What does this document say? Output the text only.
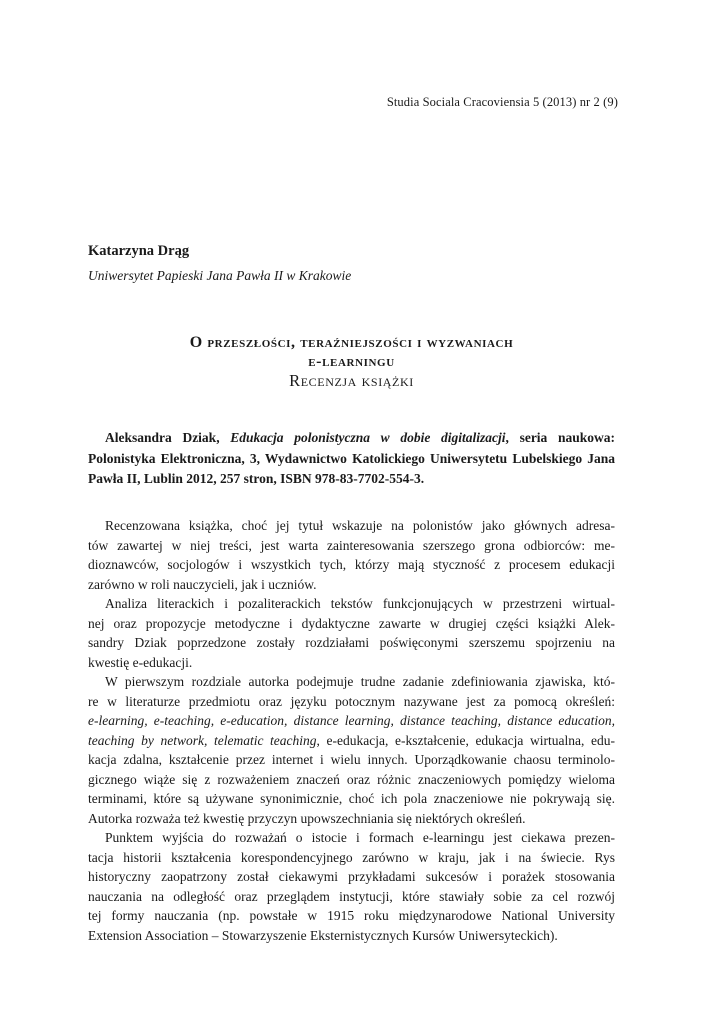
Studia Sociala Cracoviensia 5 (2013) nr 2 (9)
Katarzyna Drąg
Uniwersytet Papieski Jana Pawła II w Krakowie
O przeszłości, teraźniejszości i wyzwaniach
e-learningu
Recenzja książki
Aleksandra Dziak, Edukacja polonistyczna w dobie digitalizacji, seria naukowa: Polonistyka Elektroniczna, 3, Wydawnictwo Katolickiego Uniwersytetu Lubelskiego Jana Pawła II, Lublin 2012, 257 stron, ISBN 978-83-7702-554-3.

Recenzowana książka, choć jej tytuł wskazuje na polonistów jako głównych adresa-
tów zawartej w niej treści, jest warta zainteresowania szerszego grona odbiorców: me-
dioznawców, socjologów i wszystkich tych, którzy mają styczność z procesem edukacji
zarówno w roli nauczycieli, jak i uczniów.

Analiza literackich i pozaliterackich tekstów funkcjonujących w przestrzeni wirtual-
nej oraz propozycje metodyczne i dydaktyczne zawarte w drugiej części książki Alek-
sandry Dziak poprzedzone zostały rozdziałami poświęconymi szerszemu spojrzeniu na
kwestię e-edukacji.

W pierwszym rozdziale autorka podejmuje trudne zadanie zdefiniowania zjawiska, któ-
re w literaturze przedmiotu oraz języku potocznym nazywane jest za pomocą określeń:
e-learning, e-teaching, e-education, distance learning, distance teaching, distance education,
teaching by network, telematic teaching, e-edukacja, e-kształcenie, edukacja wirtualna, edu-
kacja zdalna, kształcenie przez internet i wielu innych. Uporządkowanie chaosu terminolo-
gicznego wiąże się z rozważeniem znaczeń oraz różnic znaczeniowych pomiędzy wieloma
terminami, które są używane synonimicznie, choć ich pola znaczeniowe nie pokrywają się.
Autorka rozważa też kwestię przyczyn upowszechniania się niektórych określeń.

Punktem wyjścia do rozważań o istocie i formach e-learningu jest ciekawa prezen-
tacja historii kształcenia korespondencyjnego zarówno w kraju, jak i na świecie. Rys
historyczny zaopatrzony został ciekawymi przykładami sukcesów i porażek stosowania
nauczania na odległość oraz przeglądem instytucji, które stawiały sobie za cel rozwój
tej formy nauczania (np. powstałe w 1915 roku międzynarodowe National University
Extension Association – Stowarzyszenie Eksternistycznych Kursów Uniwersyteckich).
